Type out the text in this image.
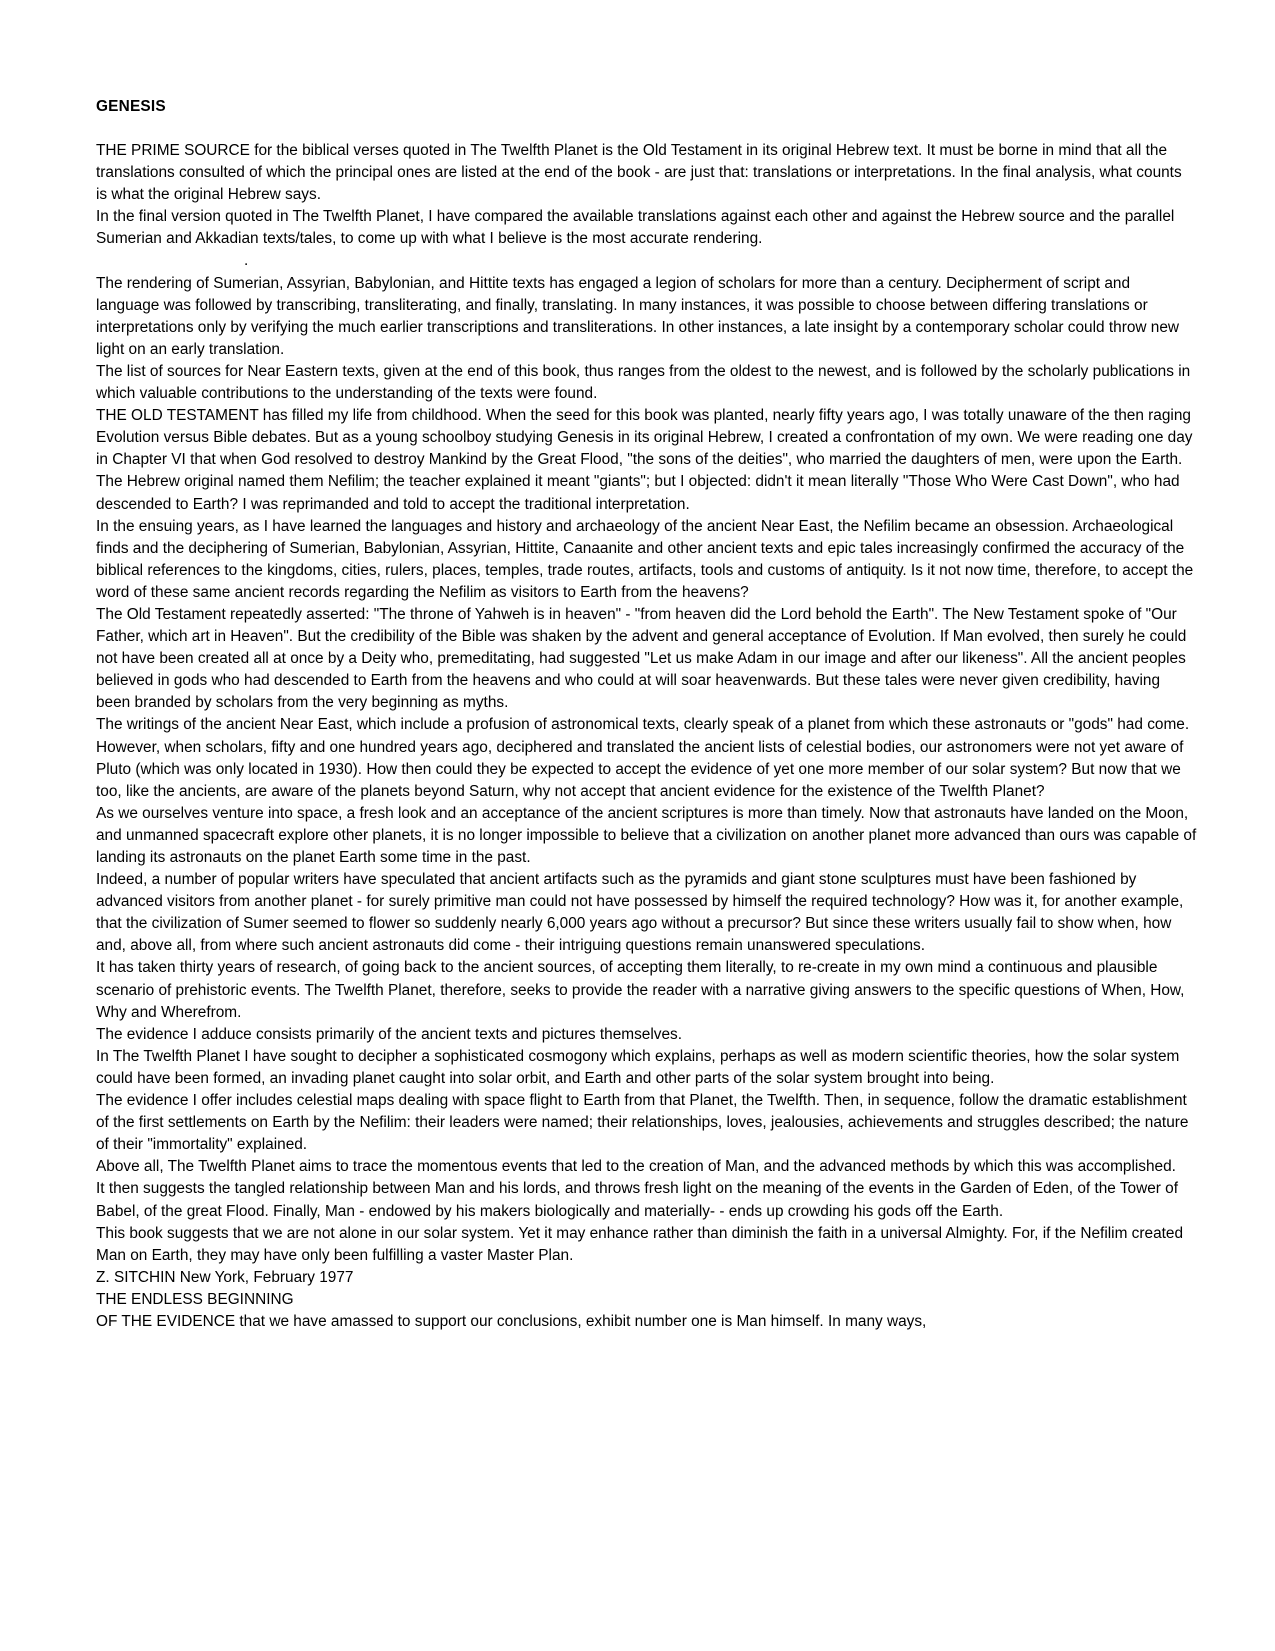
GENESIS

THE PRIME SOURCE for the biblical verses quoted in The Twelfth Planet is the Old Testament in its original Hebrew text. It must be borne in mind that all the translations consulted of which the principal ones are listed at the end of the book - are just that: translations or interpretations. In the final analysis, what counts is what the original Hebrew says.

In the final version quoted in The Twelfth Planet, I have compared the available translations against each other and against the Hebrew source and the parallel Sumerian and Akkadian texts/tales, to come up with what I believe is the most accurate rendering.

.

The rendering of Sumerian, Assyrian, Babylonian, and Hittite texts has engaged a legion of scholars for more than a century. Decipherment of script and language was followed by transcribing, transliterating, and finally, translating. In many instances, it was possible to choose between differing translations or interpretations only by verifying the much earlier transcriptions and transliterations. In other instances, a late insight by a contemporary scholar could throw new light on an early translation.

The list of sources for Near Eastern texts, given at the end of this book, thus ranges from the oldest to the newest, and is followed by the scholarly publications in which valuable contributions to the understanding of the texts were found.

THE OLD TESTAMENT has filled my life from childhood. When the seed for this book was planted, nearly fifty years ago, I was totally unaware of the then raging Evolution versus Bible debates. But as a young schoolboy studying Genesis in its original Hebrew, I created a confrontation of my own. We were reading one day in Chapter VI that when God resolved to destroy Mankind by the Great Flood, "the sons of the deities", who married the daughters of men, were upon the Earth. The Hebrew original named them Nefilim; the teacher explained it meant "giants"; but I objected: didn't it mean literally "Those Who Were Cast Down", who had descended to Earth? I was reprimanded and told to accept the traditional interpretation.

In the ensuing years, as I have learned the languages and history and archaeology of the ancient Near East, the Nefilim became an obsession. Archaeological finds and the deciphering of Sumerian, Babylonian, Assyrian, Hittite, Canaanite and other ancient texts and epic tales increasingly confirmed the accuracy of the biblical references to the kingdoms, cities, rulers, places, temples, trade routes, artifacts, tools and customs of antiquity. Is it not now time, therefore, to accept the word of these same ancient records regarding the Nefilim as visitors to Earth from the heavens?

The Old Testament repeatedly asserted: "The throne of Yahweh is in heaven" - "from heaven did the Lord behold the Earth". The New Testament spoke of "Our Father, which art in Heaven". But the credibility of the Bible was shaken by the advent and general acceptance of Evolution. If Man evolved, then surely he could not have been created all at once by a Deity who, premeditating, had suggested "Let us make Adam in our image and after our likeness". All the ancient peoples believed in gods who had descended to Earth from the heavens and who could at will soar heavenwards. But these tales were never given credibility, having been branded by scholars from the very beginning as myths.

The writings of the ancient Near East, which include a profusion of astronomical texts, clearly speak of a planet from which these astronauts or "gods" had come. However, when scholars, fifty and one hundred years ago, deciphered and translated the ancient lists of celestial bodies, our astronomers were not yet aware of Pluto (which was only located in 1930). How then could they be expected to accept the evidence of yet one more member of our solar system? But now that we too, like the ancients, are aware of the planets beyond Saturn, why not accept that ancient evidence for the existence of the Twelfth Planet?

As we ourselves venture into space, a fresh look and an acceptance of the ancient scriptures is more than timely. Now that astronauts have landed on the Moon, and unmanned spacecraft explore other planets, it is no longer impossible to believe that a civilization on another planet more advanced than ours was capable of landing its astronauts on the planet Earth some time in the past.

Indeed, a number of popular writers have speculated that ancient artifacts such as the pyramids and giant stone sculptures must have been fashioned by advanced visitors from another planet - for surely primitive man could not have possessed by himself the required technology? How was it, for another example, that the civilization of Sumer seemed to flower so suddenly nearly 6,000 years ago without a precursor? But since these writers usually fail to show when, how and, above all, from where such ancient astronauts did come - their intriguing questions remain unanswered speculations.

It has taken thirty years of research, of going back to the ancient sources, of accepting them literally, to re-create in my own mind a continuous and plausible scenario of prehistoric events. The Twelfth Planet, therefore, seeks to provide the reader with a narrative giving answers to the specific questions of When, How, Why and Wherefrom.

The evidence I adduce consists primarily of the ancient texts and pictures themselves.

In The Twelfth Planet I have sought to decipher a sophisticated cosmogony which explains, perhaps as well as modern scientific theories, how the solar system could have been formed, an invading planet caught into solar orbit, and Earth and other parts of the solar system brought into being.

The evidence I offer includes celestial maps dealing with space flight to Earth from that Planet, the Twelfth. Then, in sequence, follow the dramatic establishment of the first settlements on Earth by the Nefilim: their leaders were named; their relationships, loves, jealousies, achievements and struggles described; the nature of their "immortality" explained.

Above all, The Twelfth Planet aims to trace the momentous events that led to the creation of Man, and the advanced methods by which this was accomplished.

It then suggests the tangled relationship between Man and his lords, and throws fresh light on the meaning of the events in the Garden of Eden, of the Tower of Babel, of the great Flood. Finally, Man - endowed by his makers biologically and materially- - ends up crowding his gods off the Earth.

This book suggests that we are not alone in our solar system. Yet it may enhance rather than diminish the faith in a universal Almighty. For, if the Nefilim created Man on Earth, they may have only been fulfilling a vaster Master Plan.

Z. SITCHIN New York, February 1977

THE ENDLESS BEGINNING

OF THE EVIDENCE that we have amassed to support our conclusions, exhibit number one is Man himself. In many ways,
